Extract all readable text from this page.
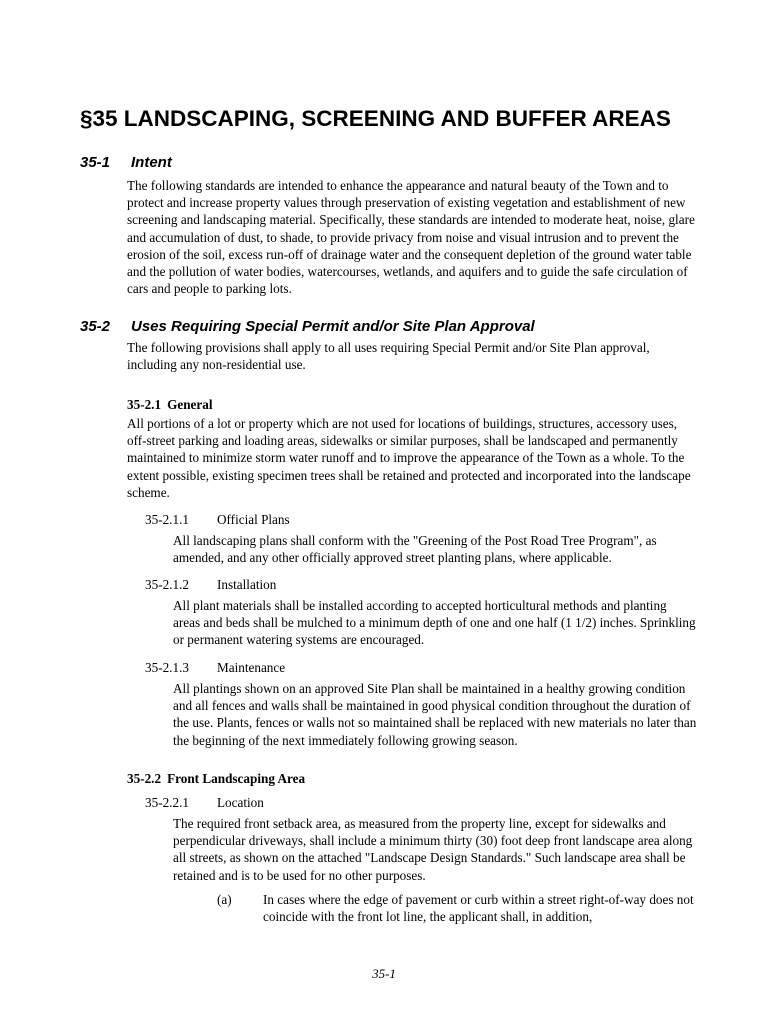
§35 LANDSCAPING, SCREENING AND BUFFER AREAS
35-1 Intent

The following standards are intended to enhance the appearance and natural beauty of the Town and to protect and increase property values through preservation of existing vegetation and establishment of new screening and landscaping material. Specifically, these standards are intended to moderate heat, noise, glare and accumulation of dust, to shade, to provide privacy from noise and visual intrusion and to prevent the erosion of the soil, excess run-off of drainage water and the consequent depletion of the ground water table and the pollution of water bodies, watercourses, wetlands, and aquifers and to guide the safe circulation of cars and people to parking lots.

35-2 Uses Requiring Special Permit and/or Site Plan Approval

The following provisions shall apply to all uses requiring Special Permit and/or Site Plan approval, including any non-residential use.

35-2.1 General

All portions of a lot or property which are not used for locations of buildings, structures, accessory uses, off-street parking and loading areas, sidewalks or similar purposes, shall be landscaped and permanently maintained to minimize storm water runoff and to improve the appearance of the Town as a whole. To the extent possible, existing specimen trees shall be retained and protected and incorporated into the landscape scheme.

35-2.1.1 Official Plans

All landscaping plans shall conform with the "Greening of the Post Road Tree Program", as amended, and any other officially approved street planting plans, where applicable.

35-2.1.2 Installation

All plant materials shall be installed according to accepted horticultural methods and planting areas and beds shall be mulched to a minimum depth of one and one half (1 1/2) inches. Sprinkling or permanent watering systems are encouraged.

35-2.1.3 Maintenance

All plantings shown on an approved Site Plan shall be maintained in a healthy growing condition and all fences and walls shall be maintained in good physical condition throughout the duration of the use. Plants, fences or walls not so maintained shall be replaced with new materials no later than the beginning of the next immediately following growing season.

35-2.2 Front Landscaping Area
35-2.2.1 Location

The required front setback area, as measured from the property line, except for sidewalks and perpendicular driveways, shall include a minimum thirty (30) foot deep front landscape area along all streets, as shown on the attached "Landscape Design Standards." Such landscape area shall be retained and is to be used for no other purposes.

(a) In cases where the edge of pavement or curb within a street right-of-way does not coincide with the front lot line, the applicant shall, in addition,
35-1
